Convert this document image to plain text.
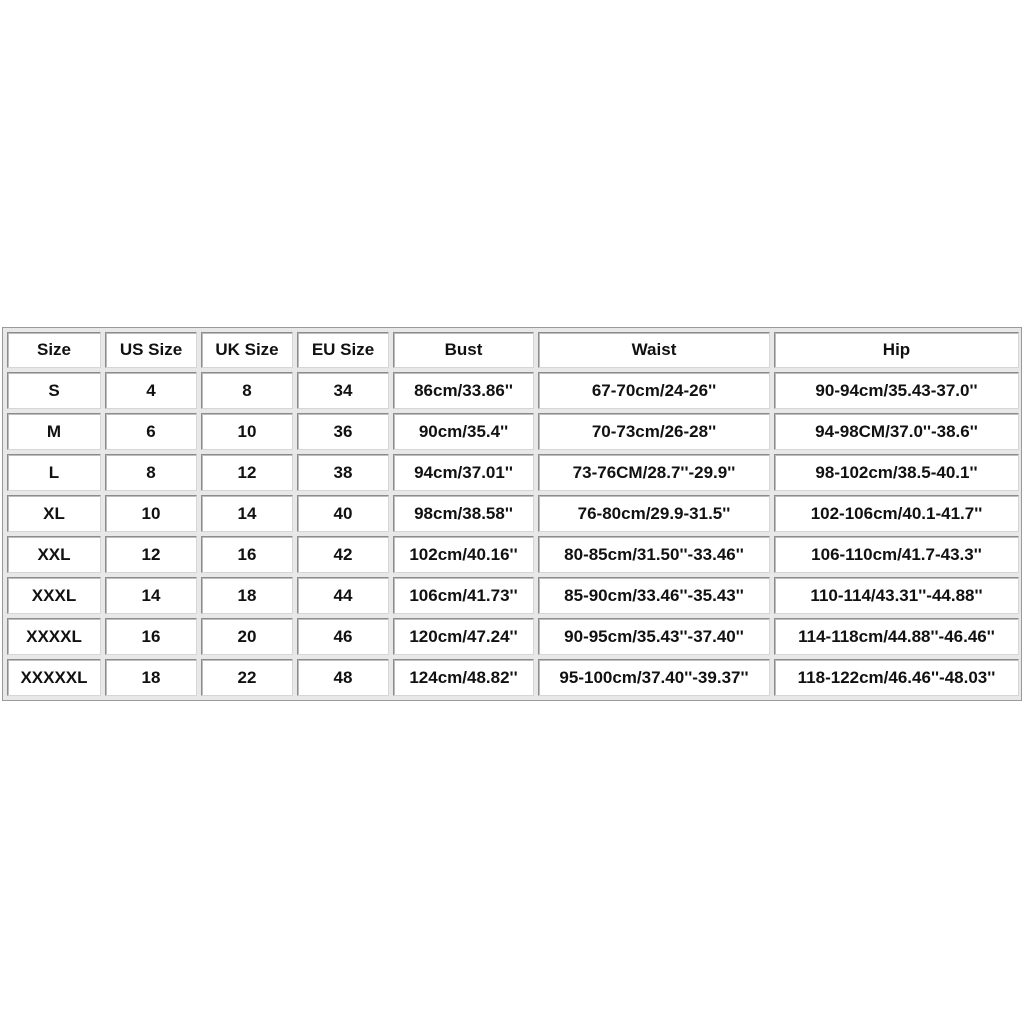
Size	US Size	UK Size	EU Size	Bust	Waist	Hip
S	4	8	34	86cm/33.86''	67-70cm/24-26''	90-94cm/35.43-37.0''
M	6	10	36	90cm/35.4''	70-73cm/26-28''	94-98CM/37.0''-38.6''
L	8	12	38	94cm/37.01''	73-76CM/28.7''-29.9''	98-102cm/38.5-40.1''
XL	10	14	40	98cm/38.58''	76-80cm/29.9-31.5''	102-106cm/40.1-41.7''
XXL	12	16	42	102cm/40.16''	80-85cm/31.50''-33.46''	106-110cm/41.7-43.3''
XXXL	14	18	44	106cm/41.73''	85-90cm/33.46''-35.43''	110-114/43.31''-44.88''
XXXXL	16	20	46	120cm/47.24''	90-95cm/35.43''-37.40''	114-118cm/44.88''-46.46''
XXXXXL	18	22	48	124cm/48.82''	95-100cm/37.40''-39.37''	118-122cm/46.46''-48.03''
